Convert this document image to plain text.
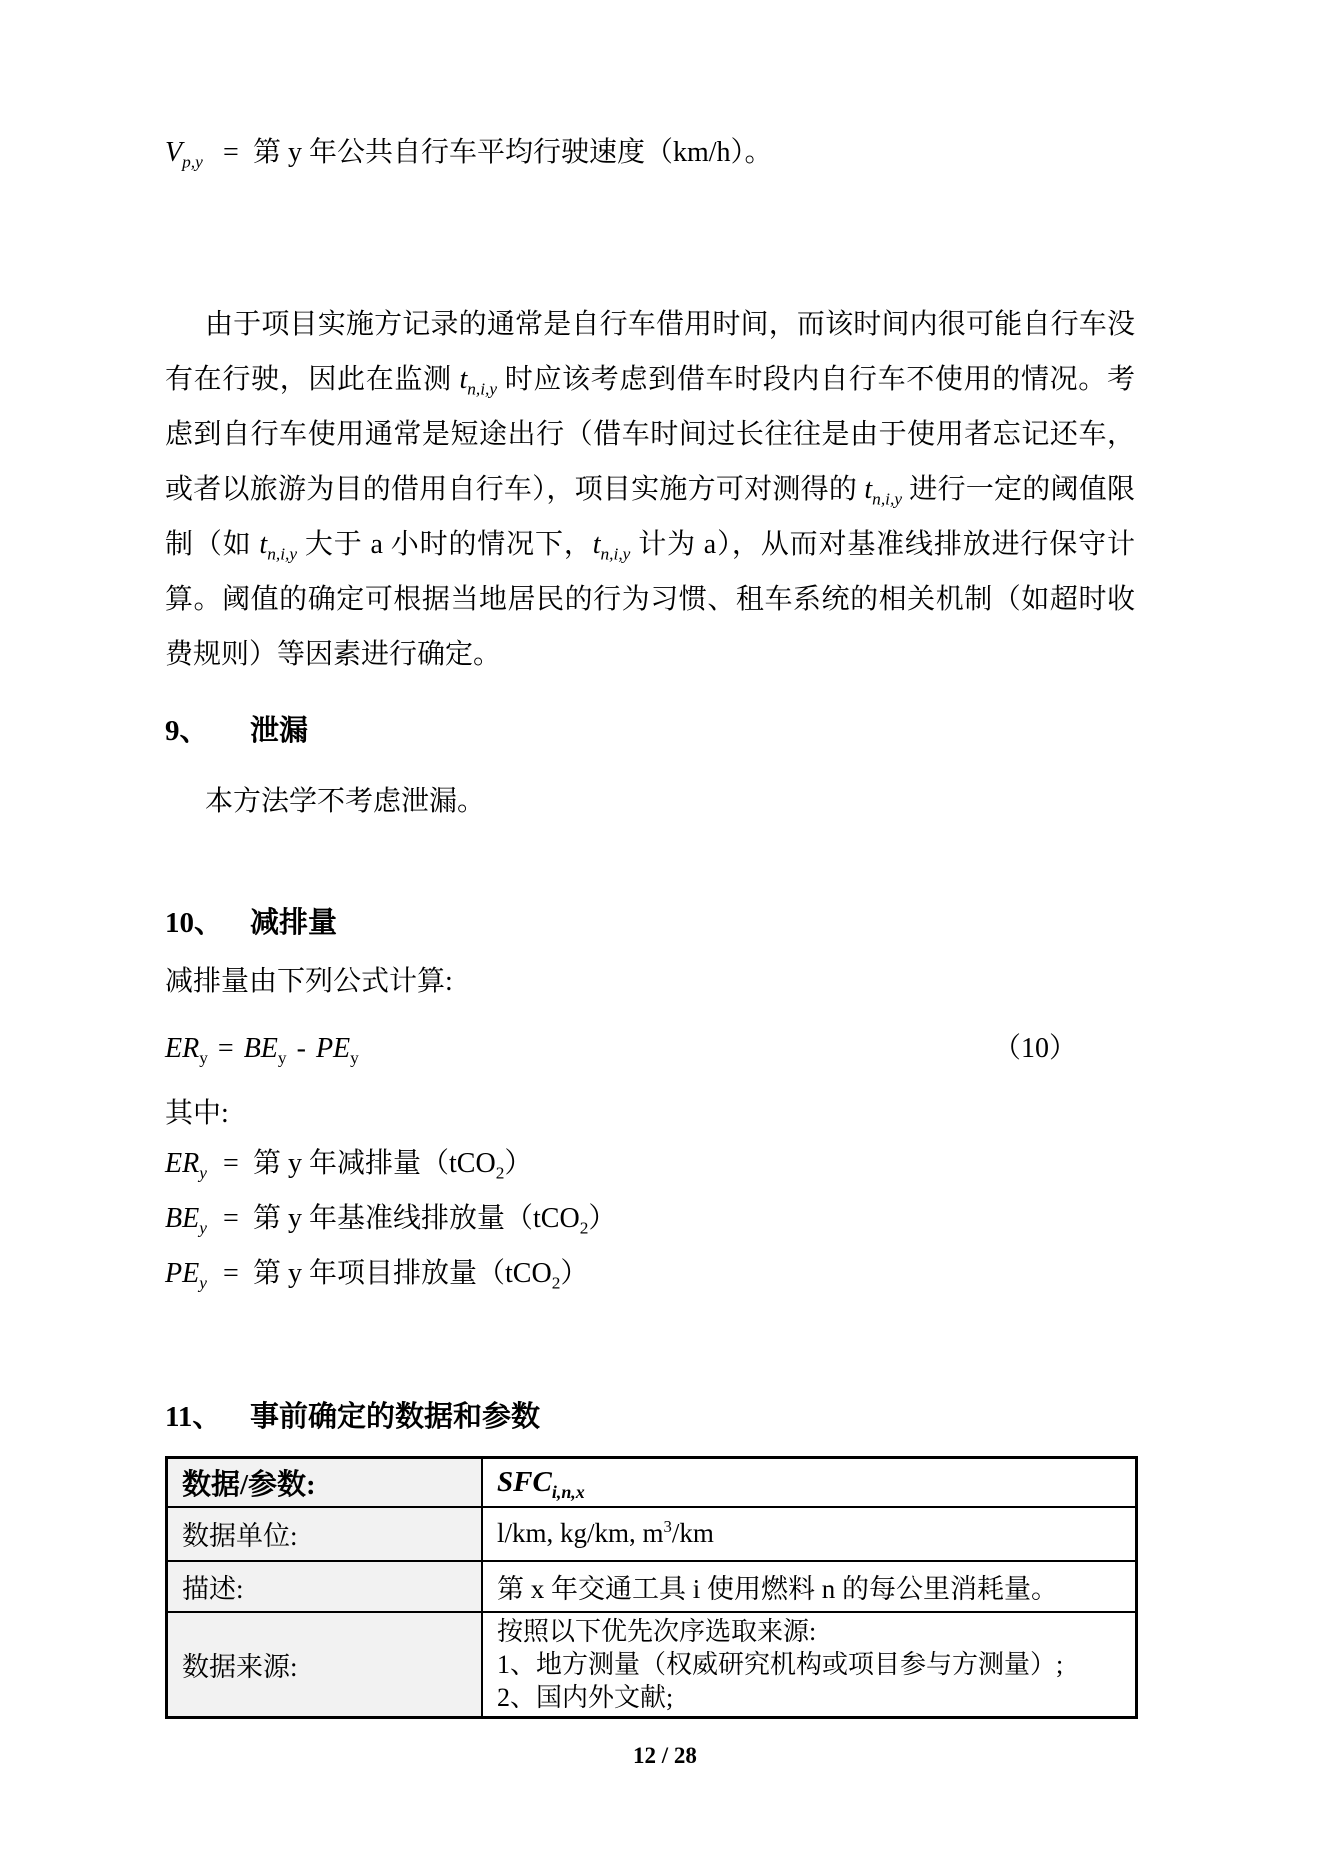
$V_{p,y}$ = 第 y 年公共自行车平均行驶速度（km/h）。

由于项目实施方记录的通常是自行车借用时间，而该时间内很可能自行车没有在行驶，因此在监测 $t_{n,i,y}$ 时应该考虑到借车时段内自行车不使用的情况。考虑到自行车使用通常是短途出行（借车时间过长往往是由于使用者忘记还车，或者以旅游为目的借用自行车），项目实施方可对测得的 $t_{n,i,y}$ 进行一定的阈值限制（如 $t_{n,i,y}$ 大于 a 小时的情况下，$t_{n,i,y}$ 计为 a），从而对基准线排放进行保守计算。阈值的确定可根据当地居民的行为习惯、租车系统的相关机制（如超时收费规则）等因素进行确定。

9、 泄漏
本方法学不考虑泄漏。
10、 减排量
减排量由下列公式计算:
$ER_y = BE_y - PE_y$	（10）
其中:
$ER_y$ = 第 y 年减排量（tCO$_2$）
$BE_y$ = 第 y 年基准线排放量（tCO$_2$）
$PE_y$ = 第 y 年项目排放量（tCO$_2$）
11、 事前确定的数据和参数
数据/参数:	$SFC_{i,n,x}$
数据单位:	l/km, kg/km, $m^3/km$
描述:	第 x 年交通工具 i 使用燃料 n 的每公里消耗量。
数据来源:	按照以下优先次序选取来源:
1、地方测量（权威研究机构或项目参与方测量）;
2、国内外文献;
12 / 28
